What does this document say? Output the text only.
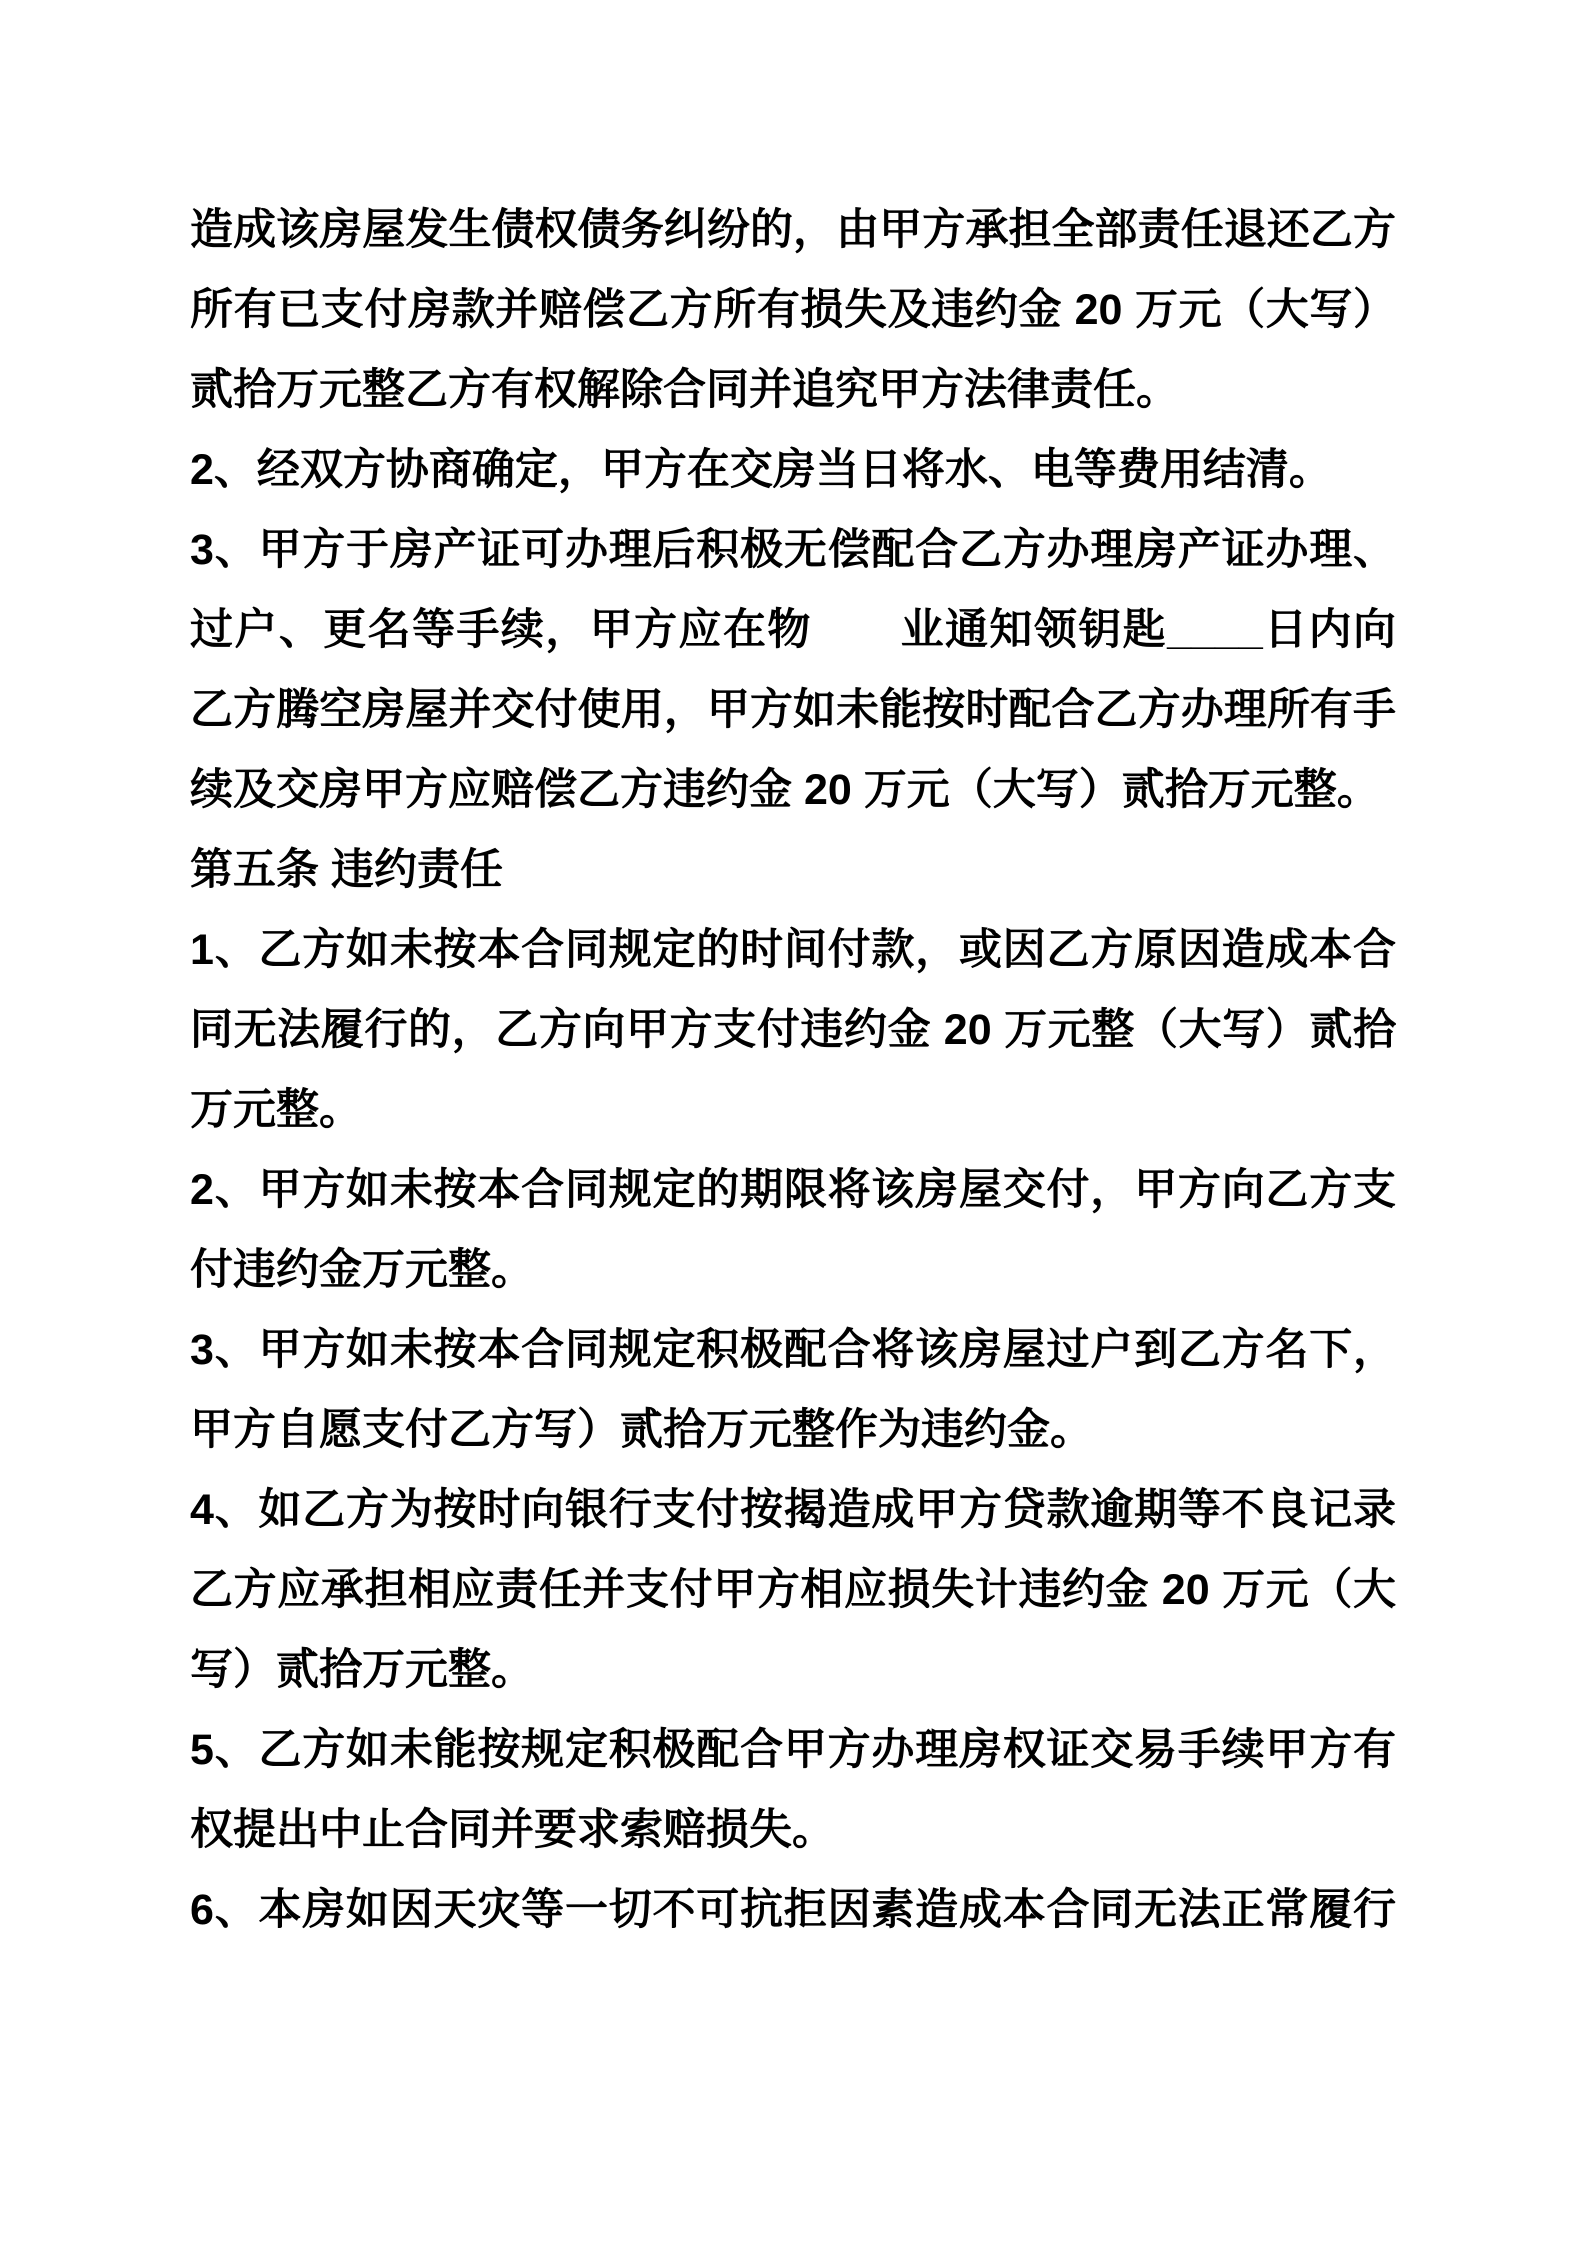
造成该房屋发生债权债务纠纷的，由甲方承担全部责任退还乙方
所有已支付房款并赔偿乙方所有损失及违约金 20 万元（大写）
贰拾万元整乙方有权解除合同并追究甲方法律责任。
2、经双方协商确定，甲方在交房当日将水、电等费用结清。
3、甲方于房产证可办理后积极无偿配合乙方办理房产证办理、
过户、更名等手续，甲方应在物　　业通知领钥匙____日内向
乙方腾空房屋并交付使用，甲方如未能按时配合乙方办理所有手
续及交房甲方应赔偿乙方违约金 20 万元（大写）贰拾万元整。
第五条 违约责任
1、乙方如未按本合同规定的时间付款，或因乙方原因造成本合
同无法履行的，乙方向甲方支付违约金 20 万元整（大写）贰拾
万元整。
2、甲方如未按本合同规定的期限将该房屋交付，甲方向乙方支
付违约金万元整。
3、甲方如未按本合同规定积极配合将该房屋过户到乙方名下，
甲方自愿支付乙方写）贰拾万元整作为违约金。
4、如乙方为按时向银行支付按揭造成甲方贷款逾期等不良记录
乙方应承担相应责任并支付甲方相应损失计违约金 20 万元（大
写）贰拾万元整。
5、乙方如未能按规定积极配合甲方办理房权证交易手续甲方有
权提出中止合同并要求索赔损失。
6、本房如因天灾等一切不可抗拒因素造成本合同无法正常履行
